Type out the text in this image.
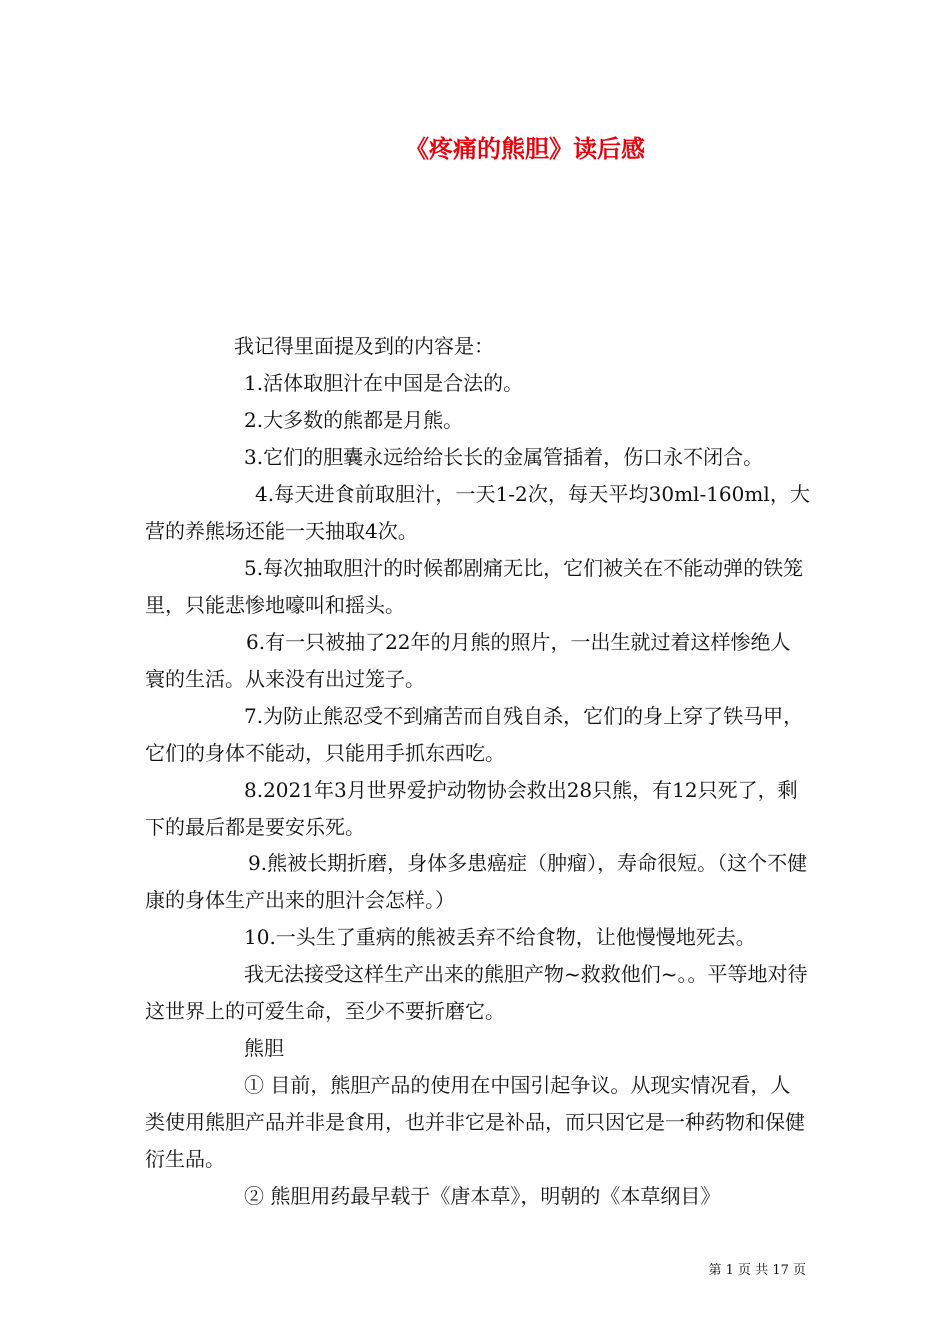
《疼痛的熊胆》读后感

我记得里面提及到的内容是：

1.活体取胆汁在中国是合法的。

2.大多数的熊都是月熊。

3.它们的胆囊永远给给长长的金属管插着，伤口永不闭合。

4.每天进食前取胆汁，一天1-2次，每天平均30ml-160ml，大营的养熊场还能一天抽取4次。

5.每次抽取胆汁的时候都剧痛无比，它们被关在不能动弹的铁笼里，只能悲惨地嚎叫和摇头。

6.有一只被抽了22年的月熊的照片，一出生就过着这样惨绝人寰的生活。从来没有出过笼子。

7.为防止熊忍受不到痛苦而自残自杀，它们的身上穿了铁马甲，它们的身体不能动，只能用手抓东西吃。

8.2021年3月世界爱护动物协会救出28只熊，有12只死了，剩下的最后都是要安乐死。

9.熊被长期折磨，身体多患癌症（肿瘤），寿命很短。（这个不健康的身体生产出来的胆汁会怎样。）

10.一头生了重病的熊被丢弃不给食物，让他慢慢地死去。

我无法接受这样生产出来的熊胆产物~救救他们~。。平等地对待这世界上的可爱生命，至少不要折磨它。

熊胆

① 目前，熊胆产品的使用在中国引起争议。从现实情况看，人类使用熊胆产品并非是食用，也并非它是补品，而只因它是一种药物和保健衍生品。

② 熊胆用药最早载于《唐本草》，明朝的《本草纲目》

第 1 页 共 17 页
